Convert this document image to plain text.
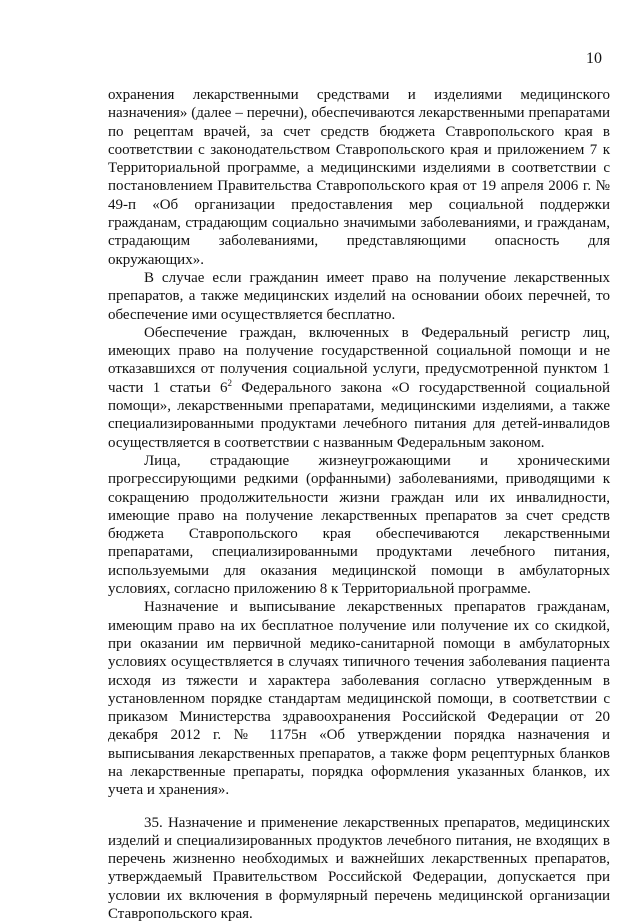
10

охранения лекарственными средствами и изделиями медицинского назначения» (далее – перечни), обеспечиваются лекарственными препаратами по рецептам врачей, за счет средств бюджета Ставропольского края в соответствии с законодательством Ставропольского края и приложением 7 к Территориальной программе, а медицинскими изделиями в соответствии с постановлением Правительства Ставропольского края от 19 апреля 2006 г. № 49-п «Об организации предоставления мер социальной поддержки гражданам, страдающим социально значимыми заболеваниями, и гражданам, страдающим заболеваниями, представляющими опасность для окружающих».

В случае если гражданин имеет право на получение лекарственных препаратов, а также медицинских изделий на основании обоих перечней, то обеспечение ими осуществляется бесплатно.

Обеспечение граждан, включенных в Федеральный регистр лиц, имеющих право на получение государственной социальной помощи и не отказавшихся от получения социальной услуги, предусмотренной пунктом 1 части 1 статьи $6^2$ Федерального закона «О государственной социальной помощи», лекарственными препаратами, медицинскими изделиями, а также специализированными продуктами лечебного питания для детей-инвалидов осуществляется в соответствии с названным Федеральным законом.

Лица, страдающие жизнеугрожающими и хроническими прогрессирующими редкими (орфанными) заболеваниями, приводящими к сокращению продолжительности жизни граждан или их инвалидности, имеющие право на получение лекарственных препаратов за счет средств бюджета Ставропольского края обеспечиваются лекарственными препаратами, специализированными продуктами лечебного питания, используемыми для оказания медицинской помощи в амбулаторных условиях, согласно приложению 8 к Территориальной программе.

Назначение и выписывание лекарственных препаратов гражданам, имеющим право на их бесплатное получение или получение их со скидкой, при оказании им первичной медико-санитарной помощи в амбулаторных условиях осуществляется в случаях типичного течения заболевания пациента исходя из тяжести и характера заболевания согласно утвержденным в установленном порядке стандартам медицинской помощи, в соответствии с приказом Министерства здравоохранения Российской Федерации от 20 декабря 2012 г. № 1175н «Об утверждении порядка назначения и выписывания лекарственных препаратов, а также форм рецептурных бланков на лекарственные препараты, порядка оформления указанных бланков, их учета и хранения».

35. Назначение и применение лекарственных препаратов, медицинских изделий и специализированных продуктов лечебного питания, не входящих в перечень жизненно необходимых и важнейших лекарственных препаратов, утверждаемый Правительством Российской Федерации, допускается при условии их включения в формулярный перечень медицинской организации Ставропольского края.
